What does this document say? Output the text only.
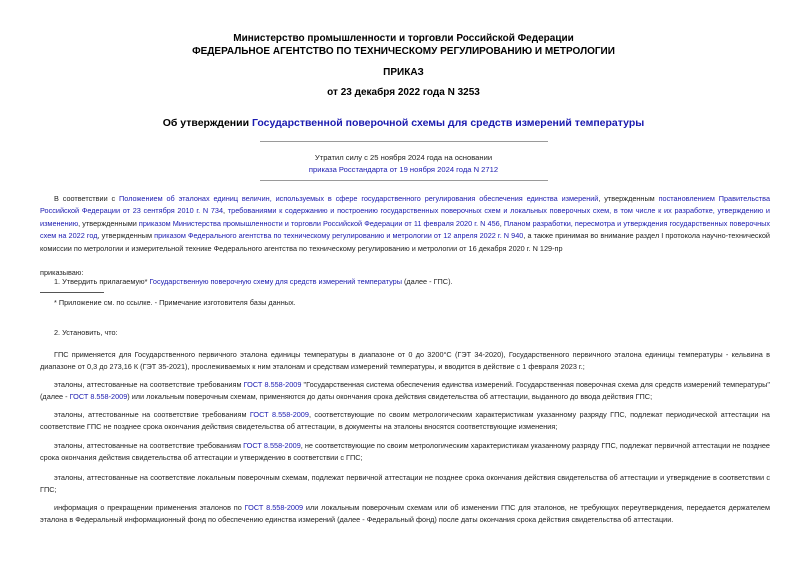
Министерство промышленности и торговли Российской Федерации
ФЕДЕРАЛЬНОЕ АГЕНТСТВО ПО ТЕХНИЧЕСКОМУ РЕГУЛИРОВАНИЮ И МЕТРОЛОГИИ
ПРИКАЗ
от 23 декабря 2022 года N 3253
Об утверждении Государственной поверочной схемы для средств измерений температуры
Утратил силу с 25 ноября 2024 года на основании
приказа Росстандарта от 19 ноября 2024 года N 2712
В соответствии с Положением об эталонах единиц величин, используемых в сфере государственного регулирования обеспечения единства измерений, утвержденным постановлением Правительства Российской Федерации от 23 сентября 2010 г. N 734, требованиями к содержанию и построению государственных поверочных схем и локальных поверочных схем, в том числе к их разработке, утверждению и изменению, утвержденными приказом Министерства промышленности и торговли Российской Федерации от 11 февраля 2020 г. N 456, Планом разработки, пересмотра и утверждения государственных поверочных схем на 2022 год, утвержденным приказом Федерального агентства по техническому регулированию и метрологии от 12 апреля 2022 г. N 940, а также принимая во внимание раздел I протокола научно-технической комиссии по метрологии и измерительной технике Федерального агентства по техническому регулированию и метрологии от 16 декабря 2020 г. N 129-пр
приказываю:
1. Утвердить прилагаемую* Государственную поверочную схему для средств измерений температуры (далее - ГПС).
* Приложение см. по ссылке. - Примечание изготовителя базы данных.
2. Установить, что:
ГПС применяется для Государственного первичного эталона единицы температуры в диапазоне от 0 до 3200°С (ГЭТ 34-2020), Государственного первичного эталона единицы температуры - кельвина в диапазоне от 0,3 до 273,16 К (ГЭТ 35-2021), прослеживаемых к ним эталонам и средствам измерений температуры, и вводится в действие с 1 февраля 2023 г.;
эталоны, аттестованные на соответствие требованиям ГОСТ 8.558-2009 "Государственная система обеспечения единства измерений. Государственная поверочная схема для средств измерений температуры" (далее - ГОСТ 8.558-2009) или локальным поверочным схемам, применяются до даты окончания срока действия свидетельства об аттестации, выданного до ввода действия ГПС;
эталоны, аттестованные на соответствие требованиям ГОСТ 8.558-2009, соответствующие по своим метрологическим характеристикам указанному разряду ГПС, подлежат периодической аттестации на соответствие ГПС не позднее срока окончания действия свидетельства об аттестации, в документы на эталоны вносятся соответствующие изменения;
эталоны, аттестованные на соответствие требованиям ГОСТ 8.558-2009, не соответствующие по своим метрологическим характеристикам указанному разряду ГПС, подлежат первичной аттестации не позднее срока окончания действия свидетельства об аттестации и утверждению в соответствии с ГПС;
эталоны, аттестованные на соответствие локальным поверочным схемам, подлежат первичной аттестации не позднее срока окончания действия свидетельства об аттестации и утверждение в соответствии с ГПС;
информация о прекращении применения эталонов по ГОСТ 8.558-2009 или локальным поверочным схемам или об изменении ГПС для эталонов, не требующих переутверждения, передается держателем эталона в Федеральный информационный фонд по обеспечению единства измерений (далее - Федеральный фонд) после даты окончания срока действия свидетельства об аттестации.
